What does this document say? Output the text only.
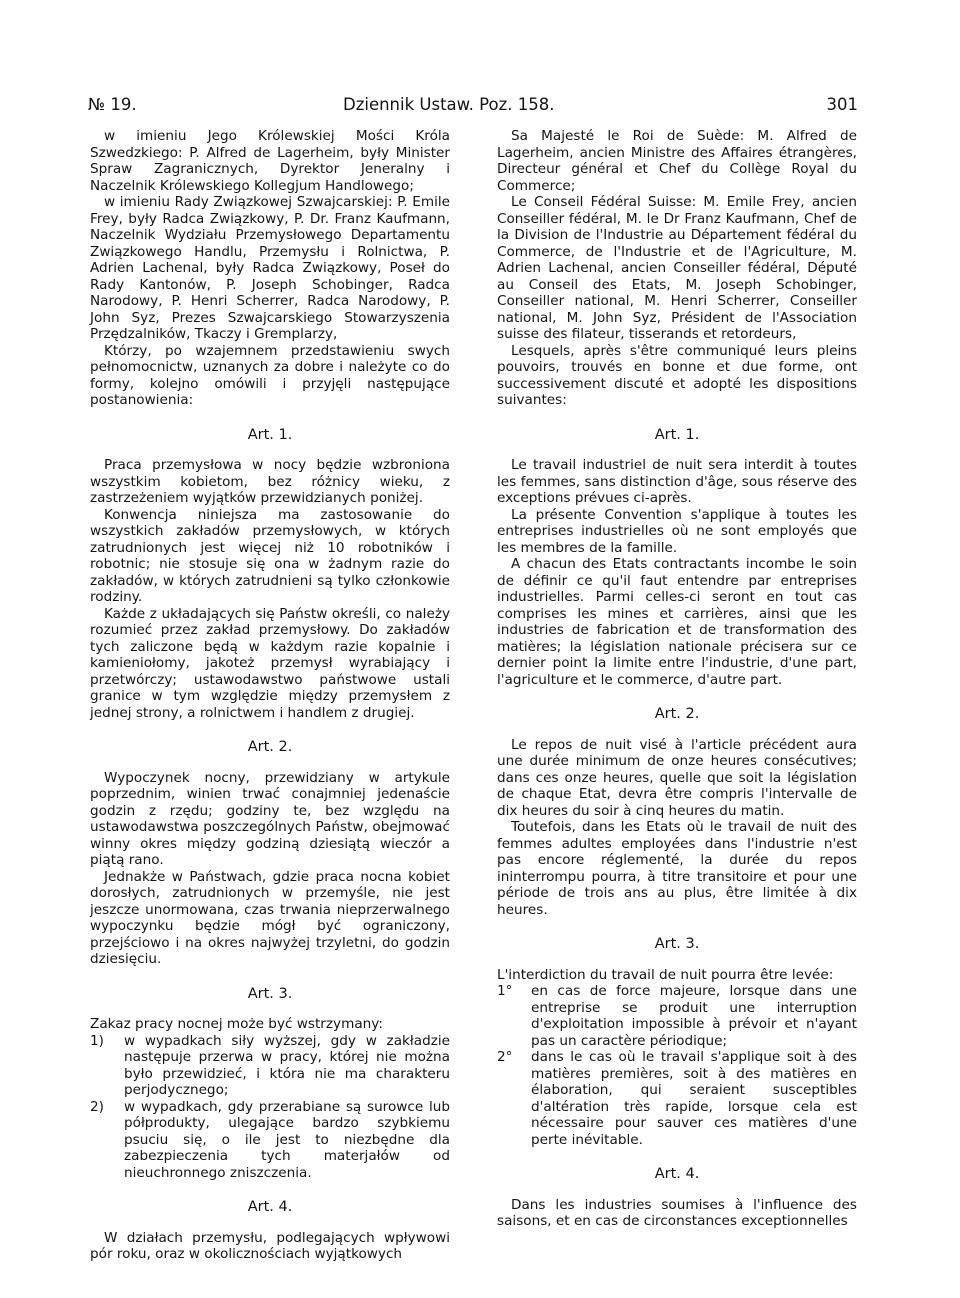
№ 19.	Dziennik Ustaw. Poz. 158.	301

w imieniu Jego Królewskiej Mości Króla Szwedzkiego: P. Alfred de Lagerheim, były Minister Spraw Zagranicznych, Dyrektor Jeneralny i Naczelnik Królewskiego Kollegjum Handlowego;

w imieniu Rady Związkowej Szwajcarskiej: P. Emile Frey, były Radca Związkowy, P. Dr. Franz Kaufmann, Naczelnik Wydziału Przemysłowego Departamentu Związkowego Handlu, Przemysłu i Rolnictwa, P. Adrien Lachenal, były Radca Związkowy, Poseł do Rady Kantonów, P. Joseph Schobinger, Radca Narodowy, P. Henri Scherrer, Radca Narodowy, P. John Syz, Prezes Szwajcarskiego Stowarzyszenia Przędzalników, Tkaczy i Gremplarzy,

Którzy, po wzajemnem przedstawieniu swych pełnomocnictw, uznanych za dobre i należyte co do formy, kolejno omówili i przyjęli następujące postanowienia:

Art. 1.

Praca przemysłowa w nocy będzie wzbroniona wszystkim kobietom, bez różnicy wieku, z zastrzeżeniem wyjątków przewidzianych poniżej.

Konwencja niniejsza ma zastosowanie do wszystkich zakładów przemysłowych, w których zatrudnionych jest więcej niż 10 robotników i robotnic; nie stosuje się ona w żadnym razie do zakładów, w których zatrudnieni są tylko członkowie rodziny.

Każde z układających się Państw określi, co należy rozumieć przez zakład przemysłowy. Do zakładów tych zaliczone będą w każdym razie kopalnie i kamieniołomy, jakoteż przemysł wyrabiający i przetwórczy; ustawodawstwo państwowe ustali granice w tym względzie między przemysłem z jednej strony, a rolnictwem i handlem z drugiej.

Art. 2.

Wypoczynek nocny, przewidziany w artykule poprzednim, winien trwać conajmniej jedenaście godzin z rzędu; godziny te, bez względu na ustawodawstwa poszczególnych Państw, obejmować winny okres między godziną dziesiątą wieczór a piątą rano.

Jednakże w Państwach, gdzie praca nocna kobiet dorosłych, zatrudnionych w przemyśle, nie jest jeszcze unormowana, czas trwania nieprzerwalnego wypoczynku będzie mógł być ograniczony, przejściowo i na okres najwyżej trzyletni, do godzin dziesięciu.

Art. 3.

Zakaz pracy nocnej może być wstrzymany:

1) w wypadkach siły wyższej, gdy w zakładzie następuje przerwa w pracy, której nie można było przewidzieć, i która nie ma charakteru perjodycznego;
2) w wypadkach, gdy przerabiane są surowce lub półprodukty, ulegające bardzo szybkiemu psuciu się, o ile jest to niezbędne dla zabezpieczenia tych materjałów od nieuchronnego zniszczenia.
Art. 4.

W działach przemysłu, podlegających wpływowi pór roku, oraz w okolicznościach wyjątkowych

Sa Majesté le Roi de Suède: M. Alfred de Lagerheim, ancien Ministre des Affaires étrangères, Directeur général et Chef du Collège Royal du Commerce;

Le Conseil Fédéral Suisse: M. Emile Frey, ancien Conseiller fédéral, M. le Dr Franz Kaufmann, Chef de la Division de l'Industrie au Département fédéral du Commerce, de l'Industrie et de l'Agriculture, M. Adrien Lachenal, ancien Conseiller fédéral, Député au Conseil des Etats, M. Joseph Schobinger, Conseiller national, M. Henri Scherrer, Conseiller national, M. John Syz, Président de l'Association suisse des filateur, tisserands et retordeurs,

Lesquels, après s'être communiqué leurs pleins pouvoirs, trouvés en bonne et due forme, ont successivement discuté et adopté les dispositions suivantes:

Art. 1.

Le travail industriel de nuit sera interdit à toutes les femmes, sans distinction d'âge, sous réserve des exceptions prévues ci-après.

La présente Convention s'applique à toutes les entreprises industrielles où ne sont employés que les membres de la famille.

A chacun des Etats contractants incombe le soin de définir ce qu'il faut entendre par entreprises industrielles. Parmi celles-ci seront en tout cas comprises les mines et carrières, ainsi que les industries de fabrication et de transformation des matières; la législation nationale précisera sur ce dernier point la limite entre l'industrie, d'une part, l'agriculture et le commerce, d'autre part.

Art. 2.

Le repos de nuit visé à l'article précédent aura une durée minimum de onze heures consécutives; dans ces onze heures, quelle que soit la législation de chaque Etat, devra être compris l'intervalle de dix heures du soir à cinq heures du matin.

Toutefois, dans les Etats où le travail de nuit des femmes adultes employées dans l'industrie n'est pas encore réglementé, la durée du repos ininterrompu pourra, à titre transitoire et pour une période de trois ans au plus, être limitée à dix heures.

Art. 3.

L'interdiction du travail de nuit pourra être levée:

1° en cas de force majeure, lorsque dans une entreprise se produit une interruption d'exploitation impossible à prévoir et n'ayant pas un caractère périodique;
2° dans le cas où le travail s'applique soit à des matières premières, soit à des matières en élaboration, qui seraient susceptibles d'altération très rapide, lorsque cela est nécessaire pour sauver ces matières d'une perte inévitable.
Art. 4.

Dans les industries soumises à l'influence des saisons, et en cas de circonstances exceptionnelles
